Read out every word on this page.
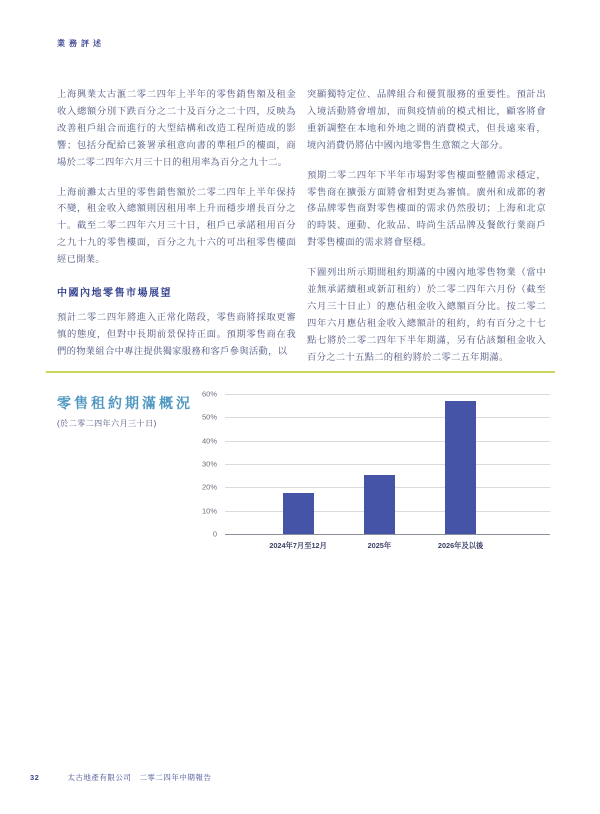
業務評述

上海興業太古滙二零二四年上半年的零售銷售額及租金收入總額分別下跌百分之二十及百分之二十四，反映為改善租戶組合而進行的大型結構和改造工程所造成的影響；包括分配給已簽署承租意向書的準租戶的樓面，商場於二零二四年六月三十日的租用率為百分之九十二。

上海前灘太古里的零售銷售額於二零二四年上半年保持不變，租金收入總額則因租用率上升而穩步增長百分之十。截至二零二四年六月三十日，租戶已承諾租用百分之九十九的零售樓面，百分之九十六的可出租零售樓面經已開業。

中國內地零售市場展望

預計二零二四年將進入正常化階段，零售商將採取更審慎的態度，但對中長期前景保持正面。預期零售商在我們的物業組合中專注提供獨家服務和客戶參與活動，以

突顯獨特定位、品牌組合和優質服務的重要性。預計出入境活動將會增加，而與疫情前的模式相比，顧客將會重新調整在本地和外地之間的消費模式，但長遠來看，境內消費仍將佔中國內地零售生意額之大部分。

預期二零二四年下半年市場對零售樓面整體需求穩定，零售商在擴張方面將會相對更為審慎。廣州和成都的奢侈品牌零售商對零售樓面的需求仍然殷切；上海和北京的時裝、運動、化妝品、時尚生活品牌及餐飲行業商戶對零售樓面的需求將會堅穩。

下圖列出所示期間租約期滿的中國內地零售物業（當中並無承諾續租或新訂租約）於二零二四年六月份（截至六月三十日止）的應佔租金收入總額百分比。按二零二四年六月應佔租金收入總額計的租約，約有百分之十七點七將於二零二四年下半年期滿，另有佔該類租金收入百分之二十五點二的租約將於二零二五年期滿。

零售租約期滿概況
(於二零二四年六月三十日)
60%
50%
40%
30%
20%
10%
0
2024年7月至12月	2025年	2026年及以後
32	太古地產有限公司　二零二四年中期報告
